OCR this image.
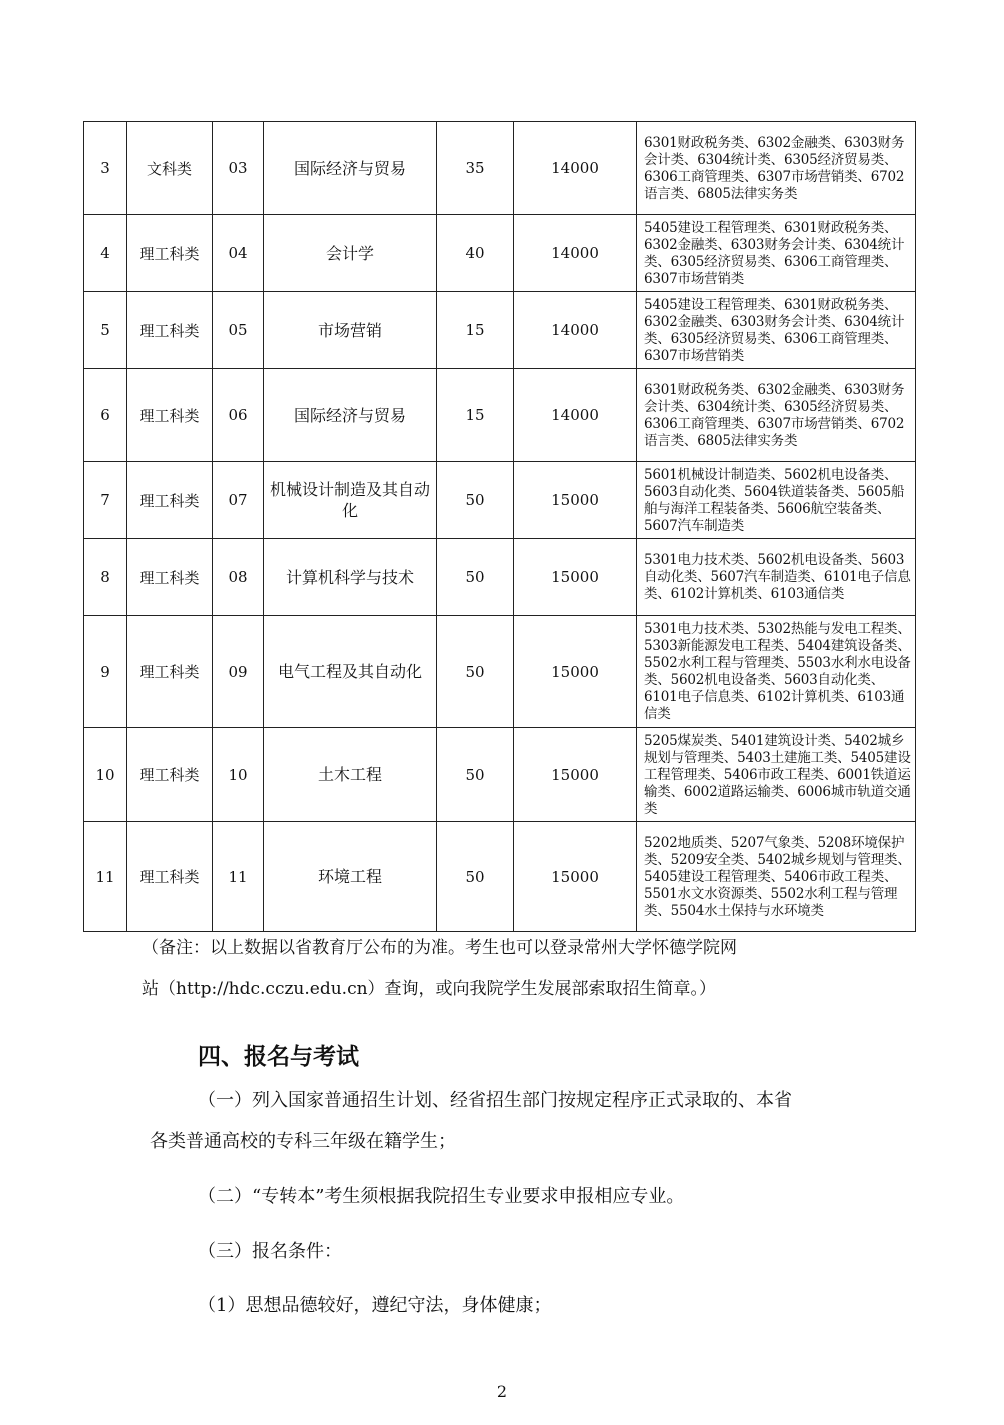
3	文科类	03	国际经济与贸易	35	14000	6301财政税务类、6302金融类、6303财务会计类、6304统计类、6305经济贸易类、6306工商管理类、6307市场营销类、6702语言类、6805法律实务类
4	理工科类	04	会计学	40	14000	5405建设工程管理类、6301财政税务类、6302金融类、6303财务会计类、6304统计类、6305经济贸易类、6306工商管理类、6307市场营销类
5	理工科类	05	市场营销	15	14000	5405建设工程管理类、6301财政税务类、6302金融类、6303财务会计类、6304统计类、6305经济贸易类、6306工商管理类、6307市场营销类
6	理工科类	06	国际经济与贸易	15	14000	6301财政税务类、6302金融类、6303财务会计类、6304统计类、6305经济贸易类、6306工商管理类、6307市场营销类、6702语言类、6805法律实务类
7	理工科类	07	机械设计制造及其自动化	50	15000	5601机械设计制造类、5602机电设备类、5603自动化类、5604铁道装备类、5605船舶与海洋工程装备类、5606航空装备类、5607汽车制造类
8	理工科类	08	计算机科学与技术	50	15000	5301电力技术类、5602机电设备类、5603自动化类、5607汽车制造类、6101电子信息类、6102计算机类、6103通信类
9	理工科类	09	电气工程及其自动化	50	15000	5301电力技术类、5302热能与发电工程类、5303新能源发电工程类、5404建筑设备类、5502水利工程与管理类、5503水利水电设备类、5602机电设备类、5603自动化类、6101电子信息类、6102计算机类、6103通信类
10	理工科类	10	土木工程	50	15000	5205煤炭类、5401建筑设计类、5402城乡规划与管理类、5403土建施工类、5405建设工程管理类、5406市政工程类、6001铁道运输类、6002道路运输类、6006城市轨道交通类
11	理工科类	11	环境工程	50	15000	5202地质类、5207气象类、5208环境保护类、5209安全类、5402城乡规划与管理类、5405建设工程管理类、5406市政工程类、5501水文水资源类、5502水利工程与管理类、5504水土保持与水环境类
（备注：以上数据以省教育厅公布的为准。考生也可以登录常州大学怀德学院网
站（http://hdc.cczu.edu.cn）查询，或向我院学生发展部索取招生简章。）
四、报名与考试
（一）列入国家普通招生计划、经省招生部门按规定程序正式录取的、本省
各类普通高校的专科三年级在籍学生；
（二）“专转本”考生须根据我院招生专业要求申报相应专业。
（三）报名条件：
（1）思想品德较好，遵纪守法，身体健康；
2
